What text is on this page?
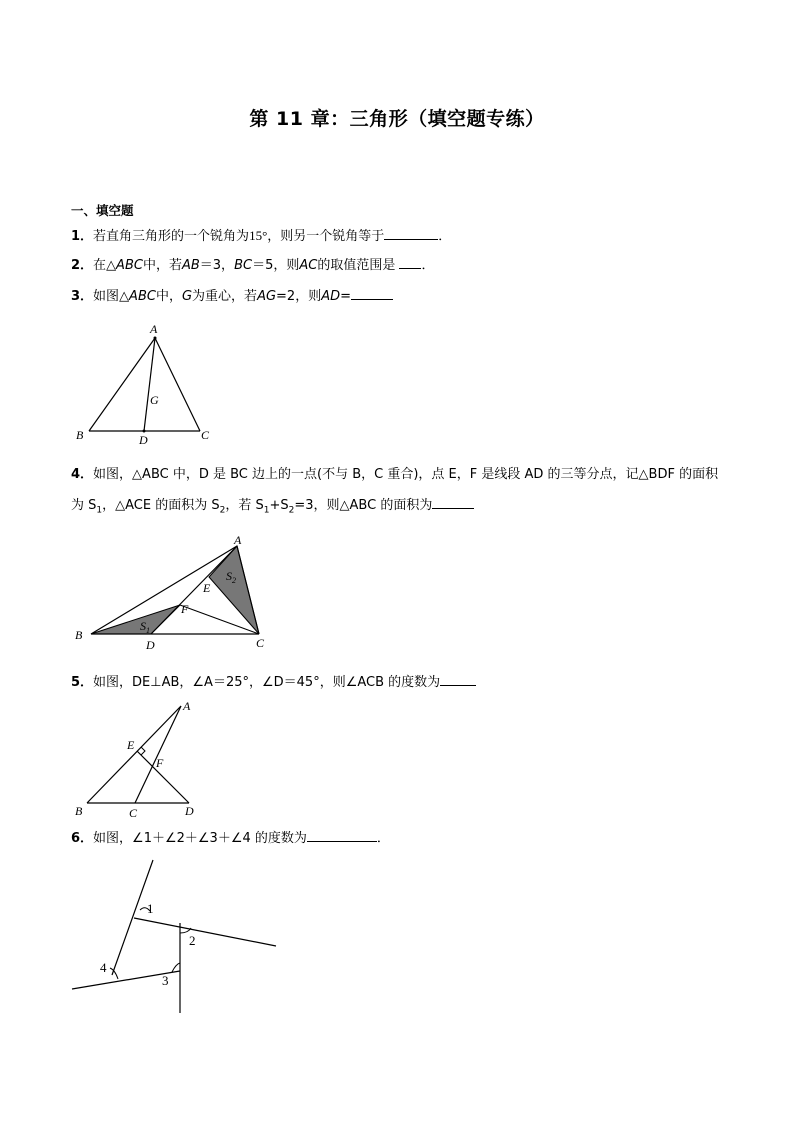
第 11 章：三角形（填空题专练）
一、填空题
1．若直角三角形的一个锐角为15°，则另一个锐角等于	．
2．在△ABC中，若AB＝3，BC＝5，则AC的取值范围是 ．
3．如图△ABC中，G为重心，若AG=2，则AD=
A
B	C
D
G
4．如图，△ABC 中，D 是 BC 边上的一点(不与 B，C 重合)，点 E，F 是线段 AD 的三等分点，记△BDF 的面积
为 $S_1$，△ACE 的面积为 $S_2$，若 $S_1+S_2=3$，则△ABC 的面积为
A
B
C
D
E
F
$S_1$
$S_2$
5．如图，DE⊥AB，∠A＝25°，∠D＝45°，则∠ACB 的度数为
A
B	C	D
E
F
6．如图，∠1＋∠2＋∠3＋∠4 的度数为	．
1
2
3
4
